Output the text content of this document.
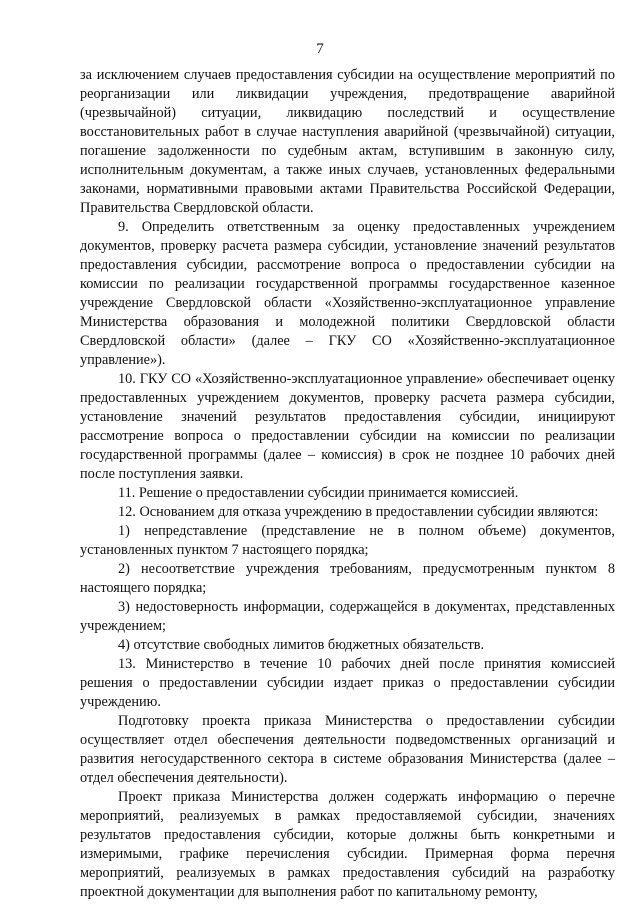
7

за исключением случаев предоставления субсидии на осуществление мероприятий по реорганизации или ликвидации учреждения, предотвращение аварийной (чрезвычайной) ситуации, ликвидацию последствий и осуществление восстановительных работ в случае наступления аварийной (чрезвычайной) ситуации, погашение задолженности по судебным актам, вступившим в законную силу, исполнительным документам, а также иных случаев, установленных федеральными законами, нормативными правовыми актами Правительства Российской Федерации, Правительства Свердловской области.

9. Определить ответственным за оценку предоставленных учреждением документов, проверку расчета размера субсидии, установление значений результатов предоставления субсидии, рассмотрение вопроса о предоставлении субсидии на комиссии по реализации государственной программы государственное казенное учреждение Свердловской области «Хозяйственно-эксплуатационное управление Министерства образования и молодежной политики Свердловской области Свердловской области» (далее – ГКУ СО «Хозяйственно-эксплуатационное управление»).

10. ГКУ СО «Хозяйственно-эксплуатационное управление» обеспечивает оценку предоставленных учреждением документов, проверку расчета размера субсидии, установление значений результатов предоставления субсидии, инициируют рассмотрение вопроса о предоставлении субсидии на комиссии по реализации государственной программы (далее – комиссия) в срок не позднее 10 рабочих дней после поступления заявки.

11. Решение о предоставлении субсидии принимается комиссией.

12. Основанием для отказа учреждению в предоставлении субсидии являются:

1) непредставление (представление не в полном объеме) документов, установленных пунктом 7 настоящего порядка;

2) несоответствие учреждения требованиям, предусмотренным пунктом 8 настоящего порядка;

3) недостоверность информации, содержащейся в документах, представленных учреждением;

4) отсутствие свободных лимитов бюджетных обязательств.

13. Министерство в течение 10 рабочих дней после принятия комиссией решения о предоставлении субсидии издает приказ о предоставлении субсидии учреждению.

Подготовку проекта приказа Министерства о предоставлении субсидии осуществляет отдел обеспечения деятельности подведомственных организаций и развития негосударственного сектора в системе образования Министерства (далее – отдел обеспечения деятельности).

Проект приказа Министерства должен содержать информацию о перечне мероприятий, реализуемых в рамках предоставляемой субсидии, значениях результатов предоставления субсидии, которые должны быть конкретными и измеримыми, графике перечисления субсидии. Примерная форма перечня мероприятий, реализуемых в рамках предоставления субсидий на разработку проектной документации для выполнения работ по капитальному ремонту,
